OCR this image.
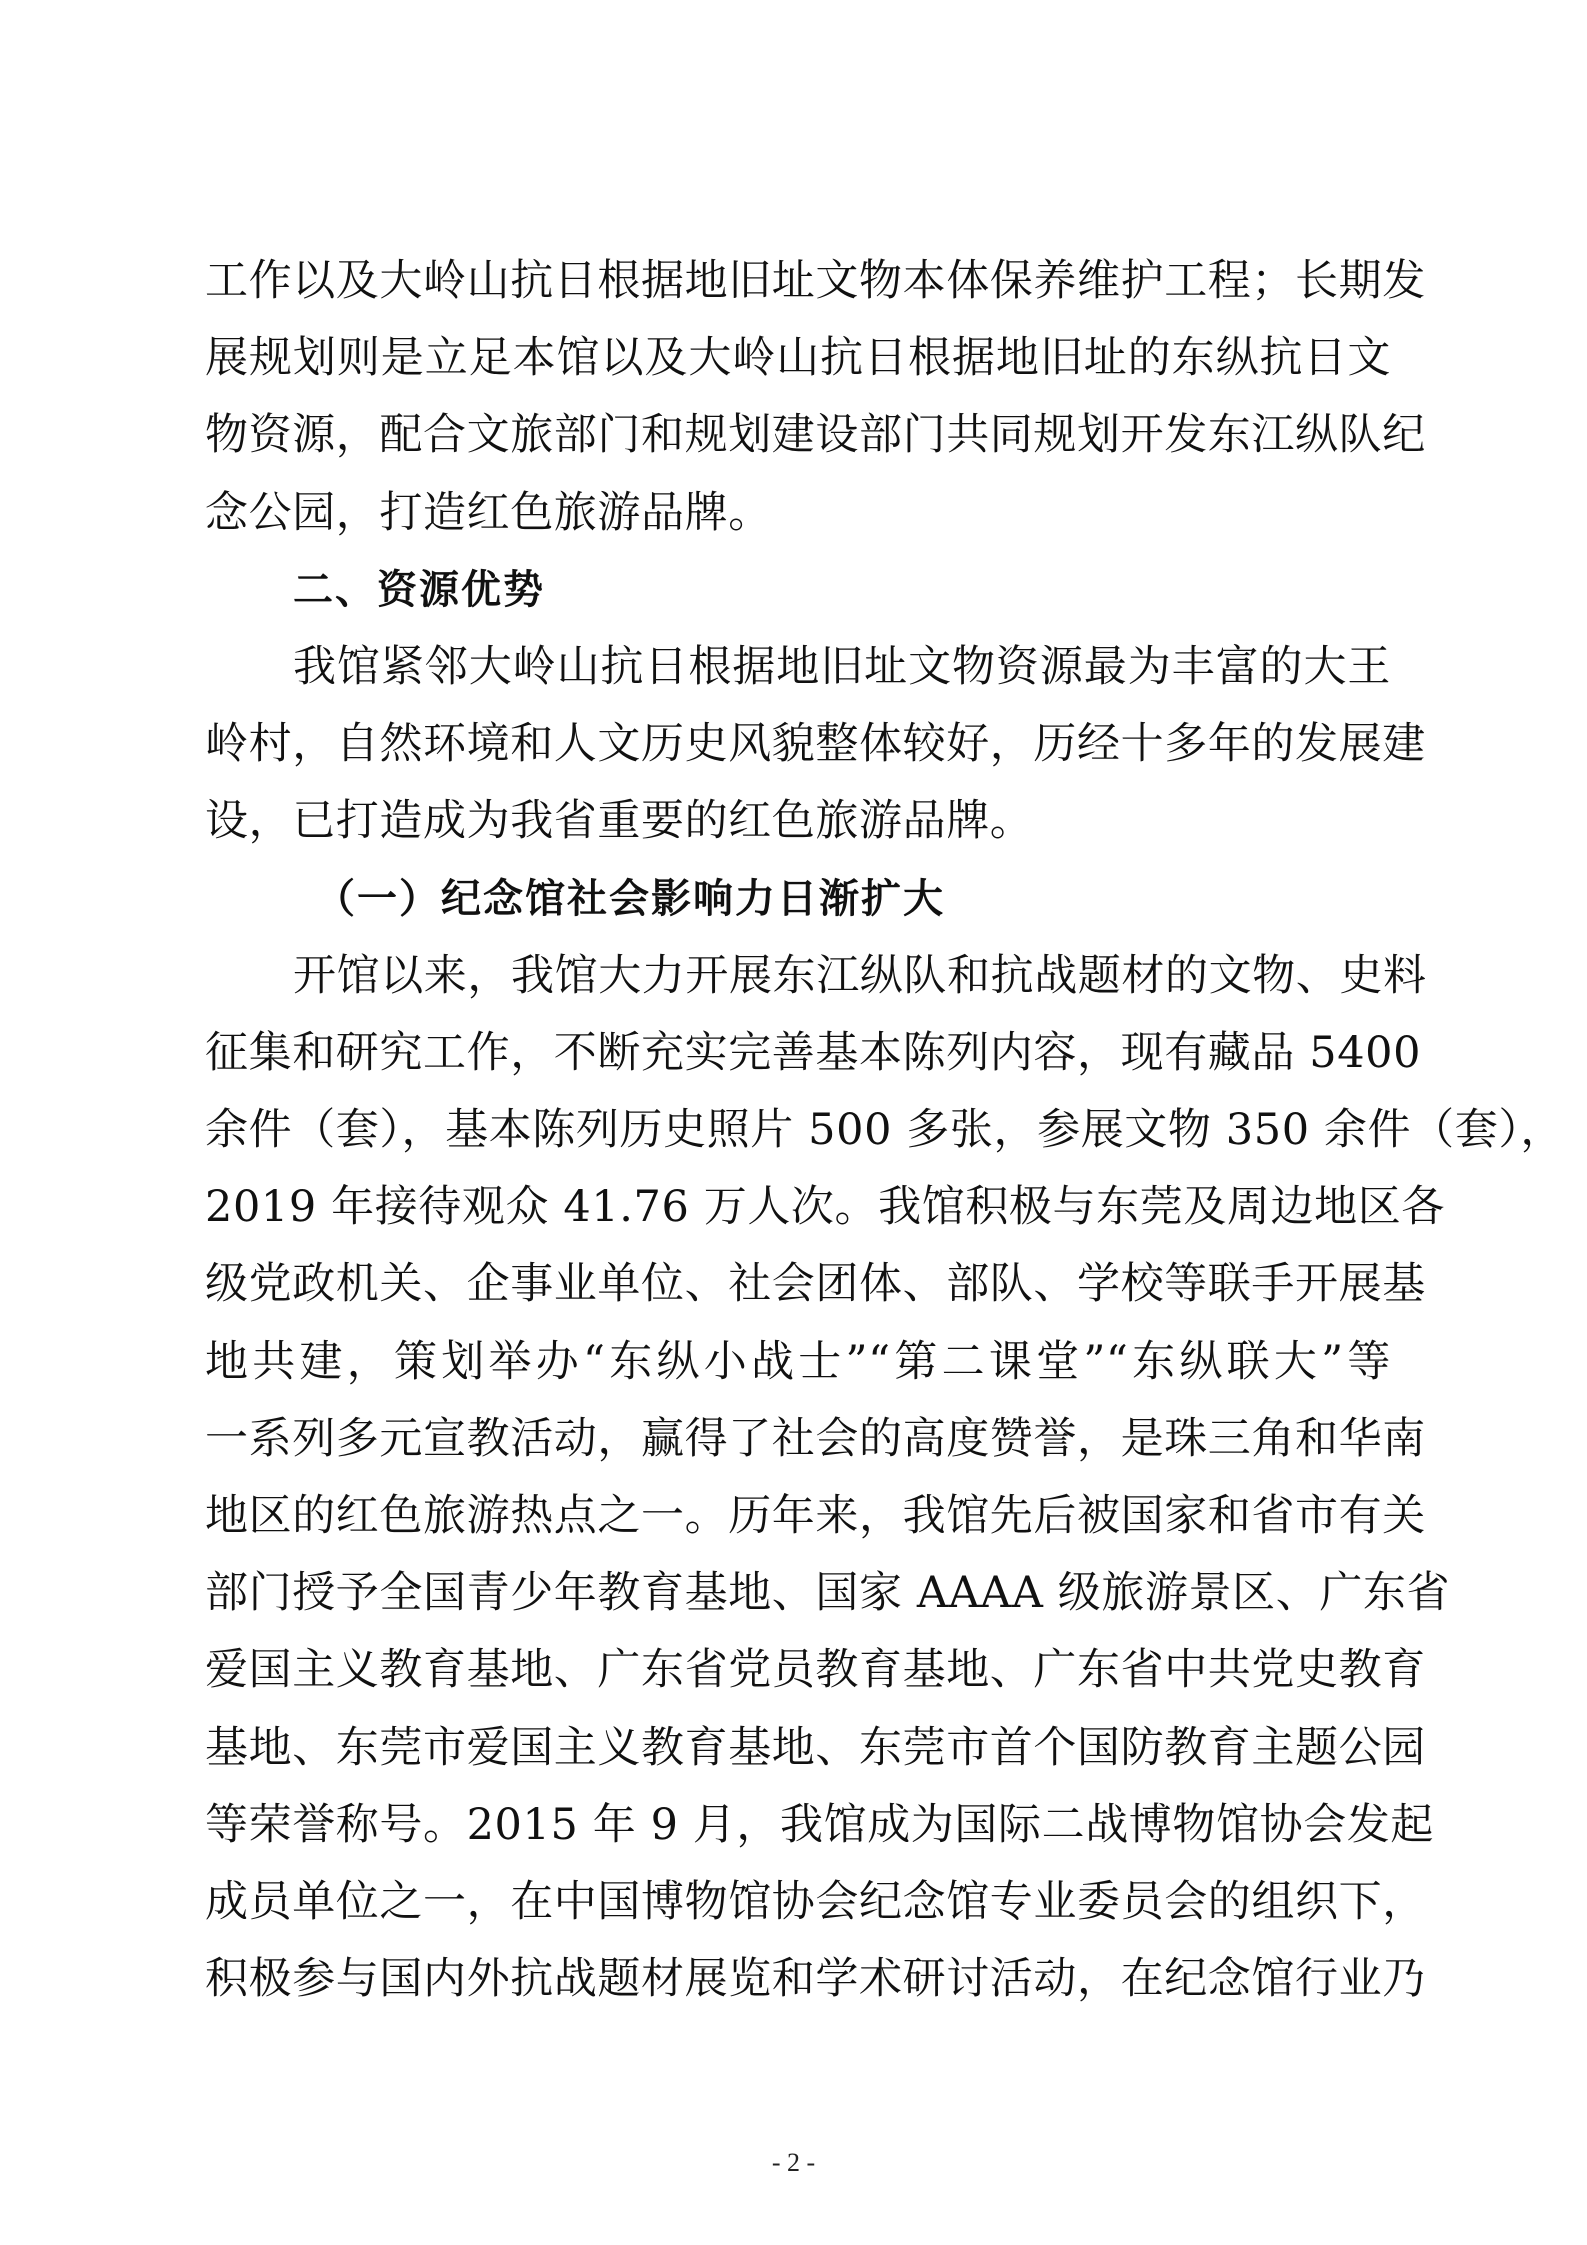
工作以及大岭山抗日根据地旧址文物本体保养维护工程；长期发
展规划则是立足本馆以及大岭山抗日根据地旧址的东纵抗日文
物资源，配合文旅部门和规划建设部门共同规划开发东江纵队纪
念公园，打造红色旅游品牌。
二、资源优势
我馆紧邻大岭山抗日根据地旧址文物资源最为丰富的大王
岭村，自然环境和人文历史风貌整体较好，历经十多年的发展建
设，已打造成为我省重要的红色旅游品牌。
（一）纪念馆社会影响力日渐扩大
开馆以来，我馆大力开展东江纵队和抗战题材的文物、史料
征集和研究工作，不断充实完善基本陈列内容，现有藏品 5400
余件（套），基本陈列历史照片 500 多张，参展文物 350 余件（套），
2019 年接待观众 41.76 万人次。我馆积极与东莞及周边地区各
级党政机关、企事业单位、社会团体、部队、学校等联手开展基
地共建，策划举办“东纵小战士”“第二课堂”“东纵联大”等
一系列多元宣教活动，赢得了社会的高度赞誉，是珠三角和华南
地区的红色旅游热点之一。历年来，我馆先后被国家和省市有关
部门授予全国青少年教育基地、国家 AAAA 级旅游景区、广东省
爱国主义教育基地、广东省党员教育基地、广东省中共党史教育
基地、东莞市爱国主义教育基地、东莞市首个国防教育主题公园
等荣誉称号。2015 年 9 月，我馆成为国际二战博物馆协会发起
成员单位之一，在中国博物馆协会纪念馆专业委员会的组织下，
积极参与国内外抗战题材展览和学术研讨活动，在纪念馆行业乃
- 2 -
